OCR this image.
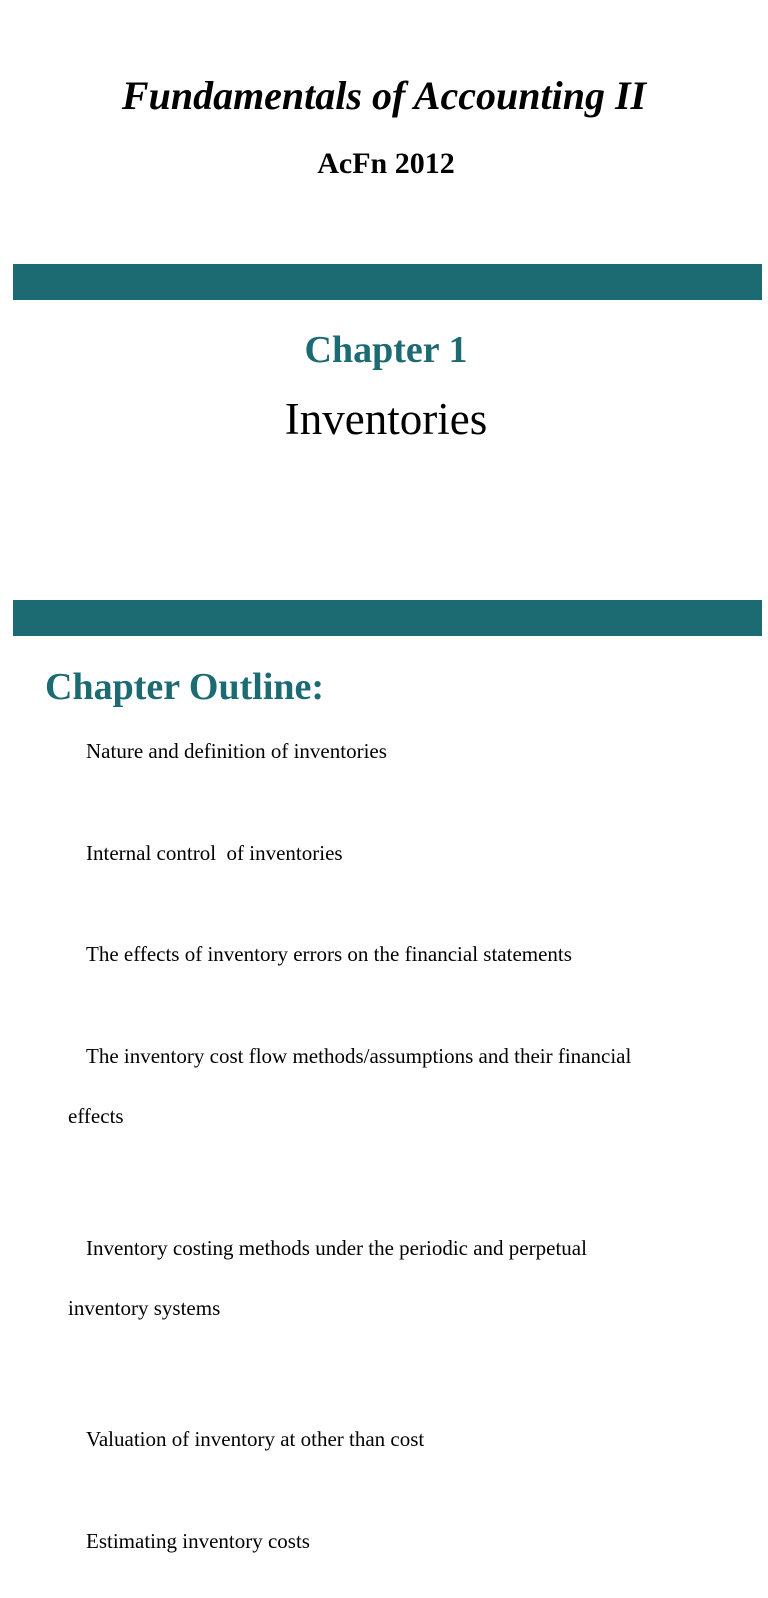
Fundamentals of Accounting II
AcFn 2012
Chapter 1
Inventories
Chapter Outline:

Nature and definition of inventories

Internal control  of inventories

The effects of inventory errors on the financial statements

The inventory cost flow methods/assumptions and their financial

effects

Inventory costing methods under the periodic and perpetual

inventory systems

Valuation of inventory at other than cost

Estimating inventory costs
